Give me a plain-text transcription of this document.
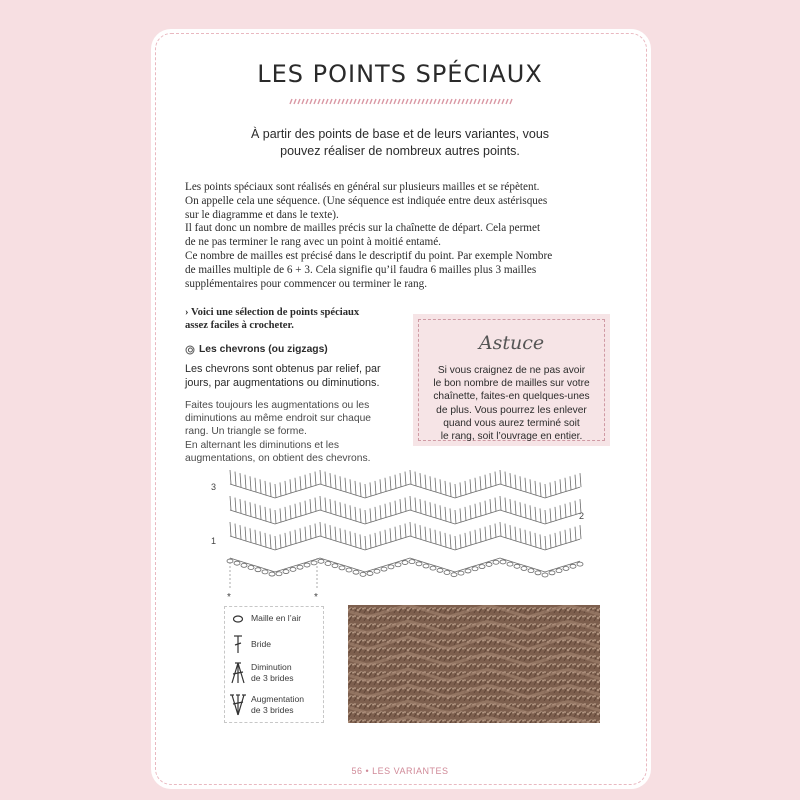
LES POINTS SPÉCIAUX

À partir des points de base et de leurs variantes, vous pouvez réaliser de nombreux autres points.

Les points spéciaux sont réalisés en général sur plusieurs mailles et se répètent.
On appelle cela une séquence. (Une séquence est indiquée entre deux astérisques
sur le diagramme et dans le texte).
Il faut donc un nombre de mailles précis sur la chaînette de départ. Cela permet
de ne pas terminer le rang avec un point à moitié entamé.
Ce nombre de mailles est précisé dans le descriptif du point. Par exemple Nombre
de mailles multiple de 6 + 3. Cela signifie qu’il faudra 6 mailles plus 3 mailles
supplémentaires pour commencer ou terminer le rang.
› Voici une sélection de points spéciaux
assez faciles à crocheter.
Les chevrons (ou zigzags)
Les chevrons sont obtenus par relief, par
jours, par augmentations ou diminutions.
Faites toujours les augmentations ou les
diminutions au même endroit sur chaque
rang. Un triangle se forme.
En alternant les diminutions et les
augmentations, on obtient des chevrons.
Astuce
Si vous craignez de ne pas avoir
le bon nombre de mailles sur votre
chaînette, faites-en quelques-unes
de plus. Vous pourrez les enlever
quand vous aurez terminé soit
le rang, soit l’ouvrage en entier.
3
2
1
*	*
Maille en l’air
Bride
Diminution
de 3 brides
Augmentation
de 3 brides
56 • LES VARIANTES
